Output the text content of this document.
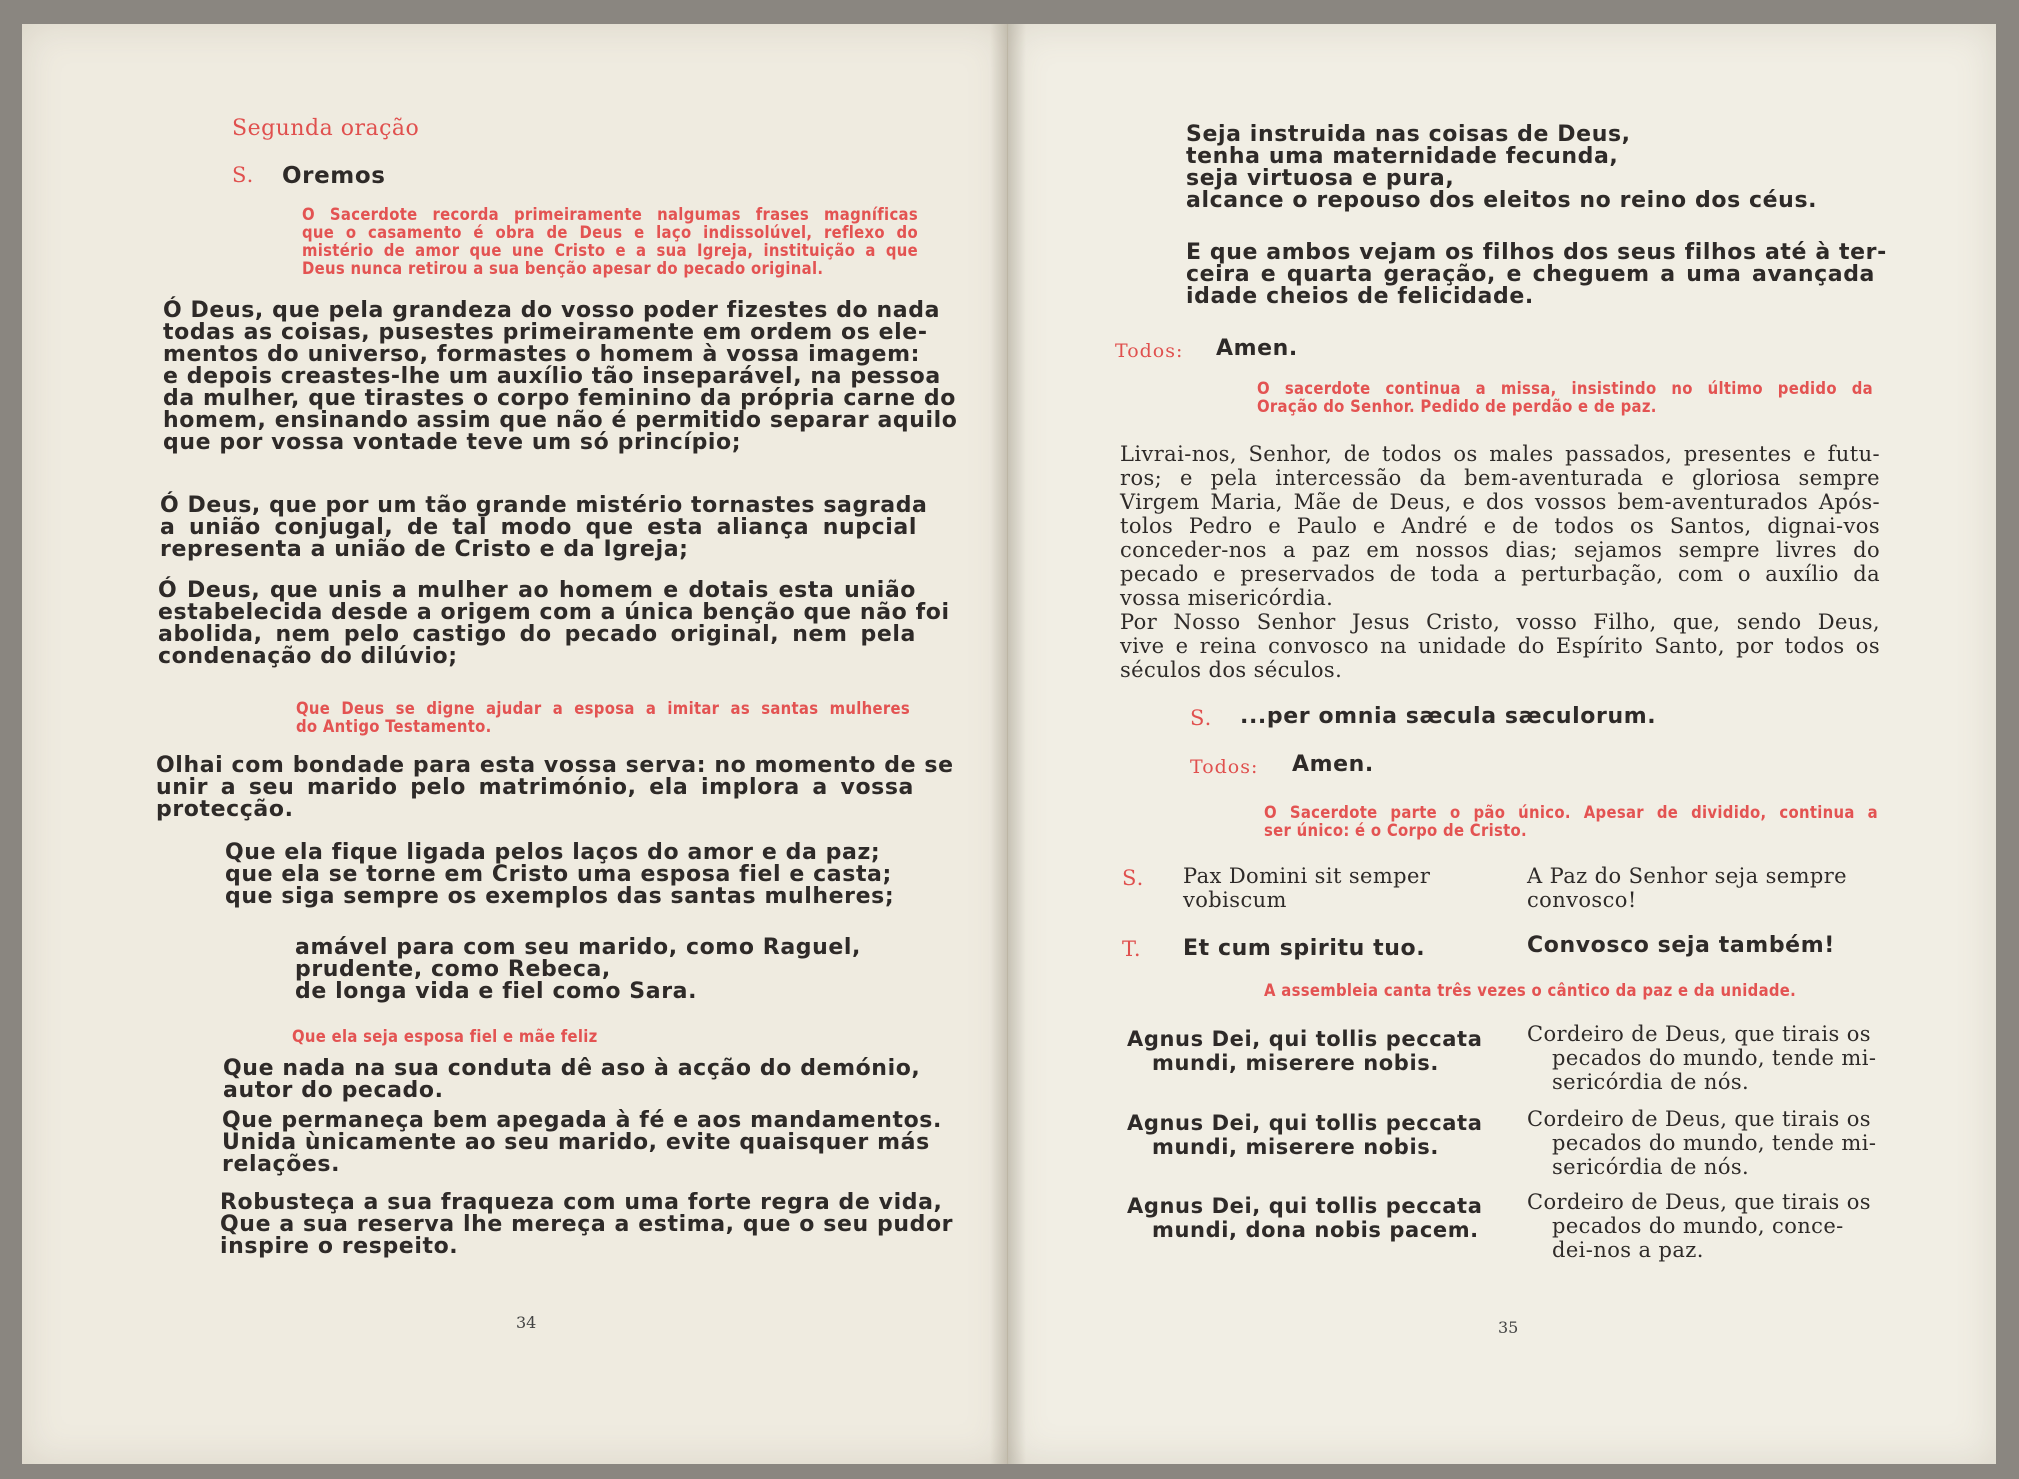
Segunda oração
S. Oremos
O Sacerdote recorda primeiramente nalgumas frases magníficas
que o casamento é obra de Deus e laço indissolúvel, reflexo do
mistério de amor que une Cristo e a sua Igreja, instituição a que
Deus nunca retirou a sua benção apesar do pecado original.
Ó Deus, que pela grandeza do vosso poder fizestes do nada
todas as coisas, pusestes primeiramente em ordem os ele-
mentos do universo, formastes o homem à vossa imagem:
e depois creastes-lhe um auxílio tão inseparável, na pessoa
da mulher, que tirastes o corpo feminino da própria carne do
homem, ensinando assim que não é permitido separar aquilo
que por vossa vontade teve um só princípio;
Ó Deus, que por um tão grande mistério tornastes sagrada
a união conjugal, de tal modo que esta aliança nupcial
representa a união de Cristo e da Igreja;
Ó Deus, que unis a mulher ao homem e dotais esta união
estabelecida desde a origem com a única benção que não foi
abolida, nem pelo castigo do pecado original, nem pela
condenação do dilúvio;
Que Deus se digne ajudar a esposa a imitar as santas mulheres
do Antigo Testamento.
Olhai com bondade para esta vossa serva: no momento de se
unir a seu marido pelo matrimónio, ela implora a vossa
protecção.
Que ela fique ligada pelos laços do amor e da paz;
que ela se torne em Cristo uma esposa fiel e casta;
que siga sempre os exemplos das santas mulheres;
amável para com seu marido, como Raguel,
prudente, como Rebeca,
de longa vida e fiel como Sara.
Que ela seja esposa fiel e mãe feliz
Que nada na sua conduta dê aso à acção do demónio,
autor do pecado.
Que permaneça bem apegada à fé e aos mandamentos.
Unida ùnicamente ao seu marido, evite quaisquer más
relações.
Robusteça a sua fraqueza com uma forte regra de vida,
Que a sua reserva lhe mereça a estima, que o seu pudor
inspire o respeito.
34
Seja instruida nas coisas de Deus,
tenha uma maternidade fecunda,
seja virtuosa e pura,
alcance o repouso dos eleitos no reino dos céus.
E que ambos vejam os filhos dos seus filhos até à ter-
ceira e quarta geração, e cheguem a uma avançada
idade cheios de felicidade.
Todos: Amen.
O sacerdote continua a missa, insistindo no último pedido da
Oração do Senhor. Pedido de perdão e de paz.
Livrai-nos, Senhor, de todos os males passados, presentes e futu-
ros; e pela intercessão da bem-aventurada e gloriosa sempre
Virgem Maria, Mãe de Deus, e dos vossos bem-aventurados Após-
tolos Pedro e Paulo e André e de todos os Santos, dignai-vos
conceder-nos a paz em nossos dias; sejamos sempre livres do
pecado e preservados de toda a perturbação, com o auxílio da
vossa misericórdia.
Por Nosso Senhor Jesus Cristo, vosso Filho, que, sendo Deus,
vive e reina convosco na unidade do Espírito Santo, por todos os
séculos dos séculos.
S. ...per omnia sæcula sæculorum.
Todos: Amen.
O Sacerdote parte o pão único. Apesar de dividido, continua a
ser único: é o Corpo de Cristo.
S. Pax Domini sit semper
vobiscum
A Paz do Senhor seja sempre
convosco!
T. Et cum spiritu tuo.	Convosco seja também!
A assembleia canta três vezes o cântico da paz e da unidade.
Agnus Dei, qui tollis peccata
mundi, miserere nobis.
Cordeiro de Deus, que tirais os
pecados do mundo, tende mi-
sericórdia de nós.
Agnus Dei, qui tollis peccata
mundi, miserere nobis.
Cordeiro de Deus, que tirais os
pecados do mundo, tende mi-
sericórdia de nós.
Agnus Dei, qui tollis peccata
mundi, dona nobis pacem.
Cordeiro de Deus, que tirais os
pecados do mundo, conce-
dei-nos a paz.
35
